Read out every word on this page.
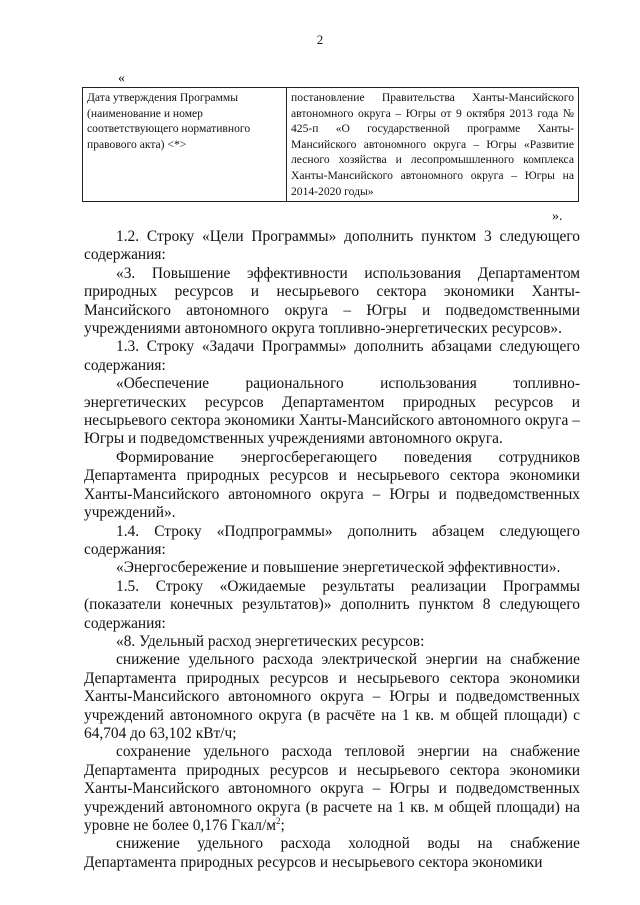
2
«
Дата утверждения Программы (наименование и номер соответствующего нормативного правового акта) <*>	постановление Правительства Ханты-Мансийского автономного округа – Югры от 9 октября 2013 года № 425-п «О государственной программе Ханты-Мансийского автономного округа – Югры «Развитие лесного хозяйства и лесопромышленного комплекса Ханты-Мансийского автономного округа – Югры на 2014-2020 годы»
».

1.2. Строку «Цели Программы» дополнить пунктом 3 следующего содержания:

«3. Повышение эффективности использования Департаментом природных ресурсов и несырьевого сектора экономики Ханты-Мансийского автономного округа – Югры и подведомственными учреждениями автономного округа топливно-энергетических ресурсов».

1.3. Строку «Задачи Программы» дополнить абзацами следующего содержания:

«Обеспечение рационального использования топливно-энергетических ресурсов Департаментом природных ресурсов и несырьевого сектора экономики Ханты-Мансийского автономного округа – Югры и подведомственных учреждениями автономного округа.

Формирование энергосберегающего поведения сотрудников Департамента природных ресурсов и несырьевого сектора экономики Ханты-Мансийского автономного округа – Югры и подведомственных учреждений».

1.4. Строку «Подпрограммы» дополнить абзацем следующего содержания:

«Энергосбережение и повышение энергетической эффективности».

1.5. Строку «Ожидаемые результаты реализации Программы (показатели конечных результатов)» дополнить пунктом 8 следующего содержания:

«8. Удельный расход энергетических ресурсов:

снижение удельного расхода электрической энергии на снабжение Департамента природных ресурсов и несырьевого сектора экономики Ханты-Мансийского автономного округа – Югры и подведомственных учреждений автономного округа (в расчёте на 1 кв. м общей площади) с 64,704 до 63,102 кВт/ч;

сохранение удельного расхода тепловой энергии на снабжение Департамента природных ресурсов и несырьевого сектора экономики Ханты-Мансийского автономного округа – Югры и подведомственных учреждений автономного округа (в расчете на 1 кв. м общей площади) на уровне не более 0,176 Гкал/$м^2$;

снижение удельного расхода холодной воды на снабжение Департамента природных ресурсов и несырьевого сектора экономики
